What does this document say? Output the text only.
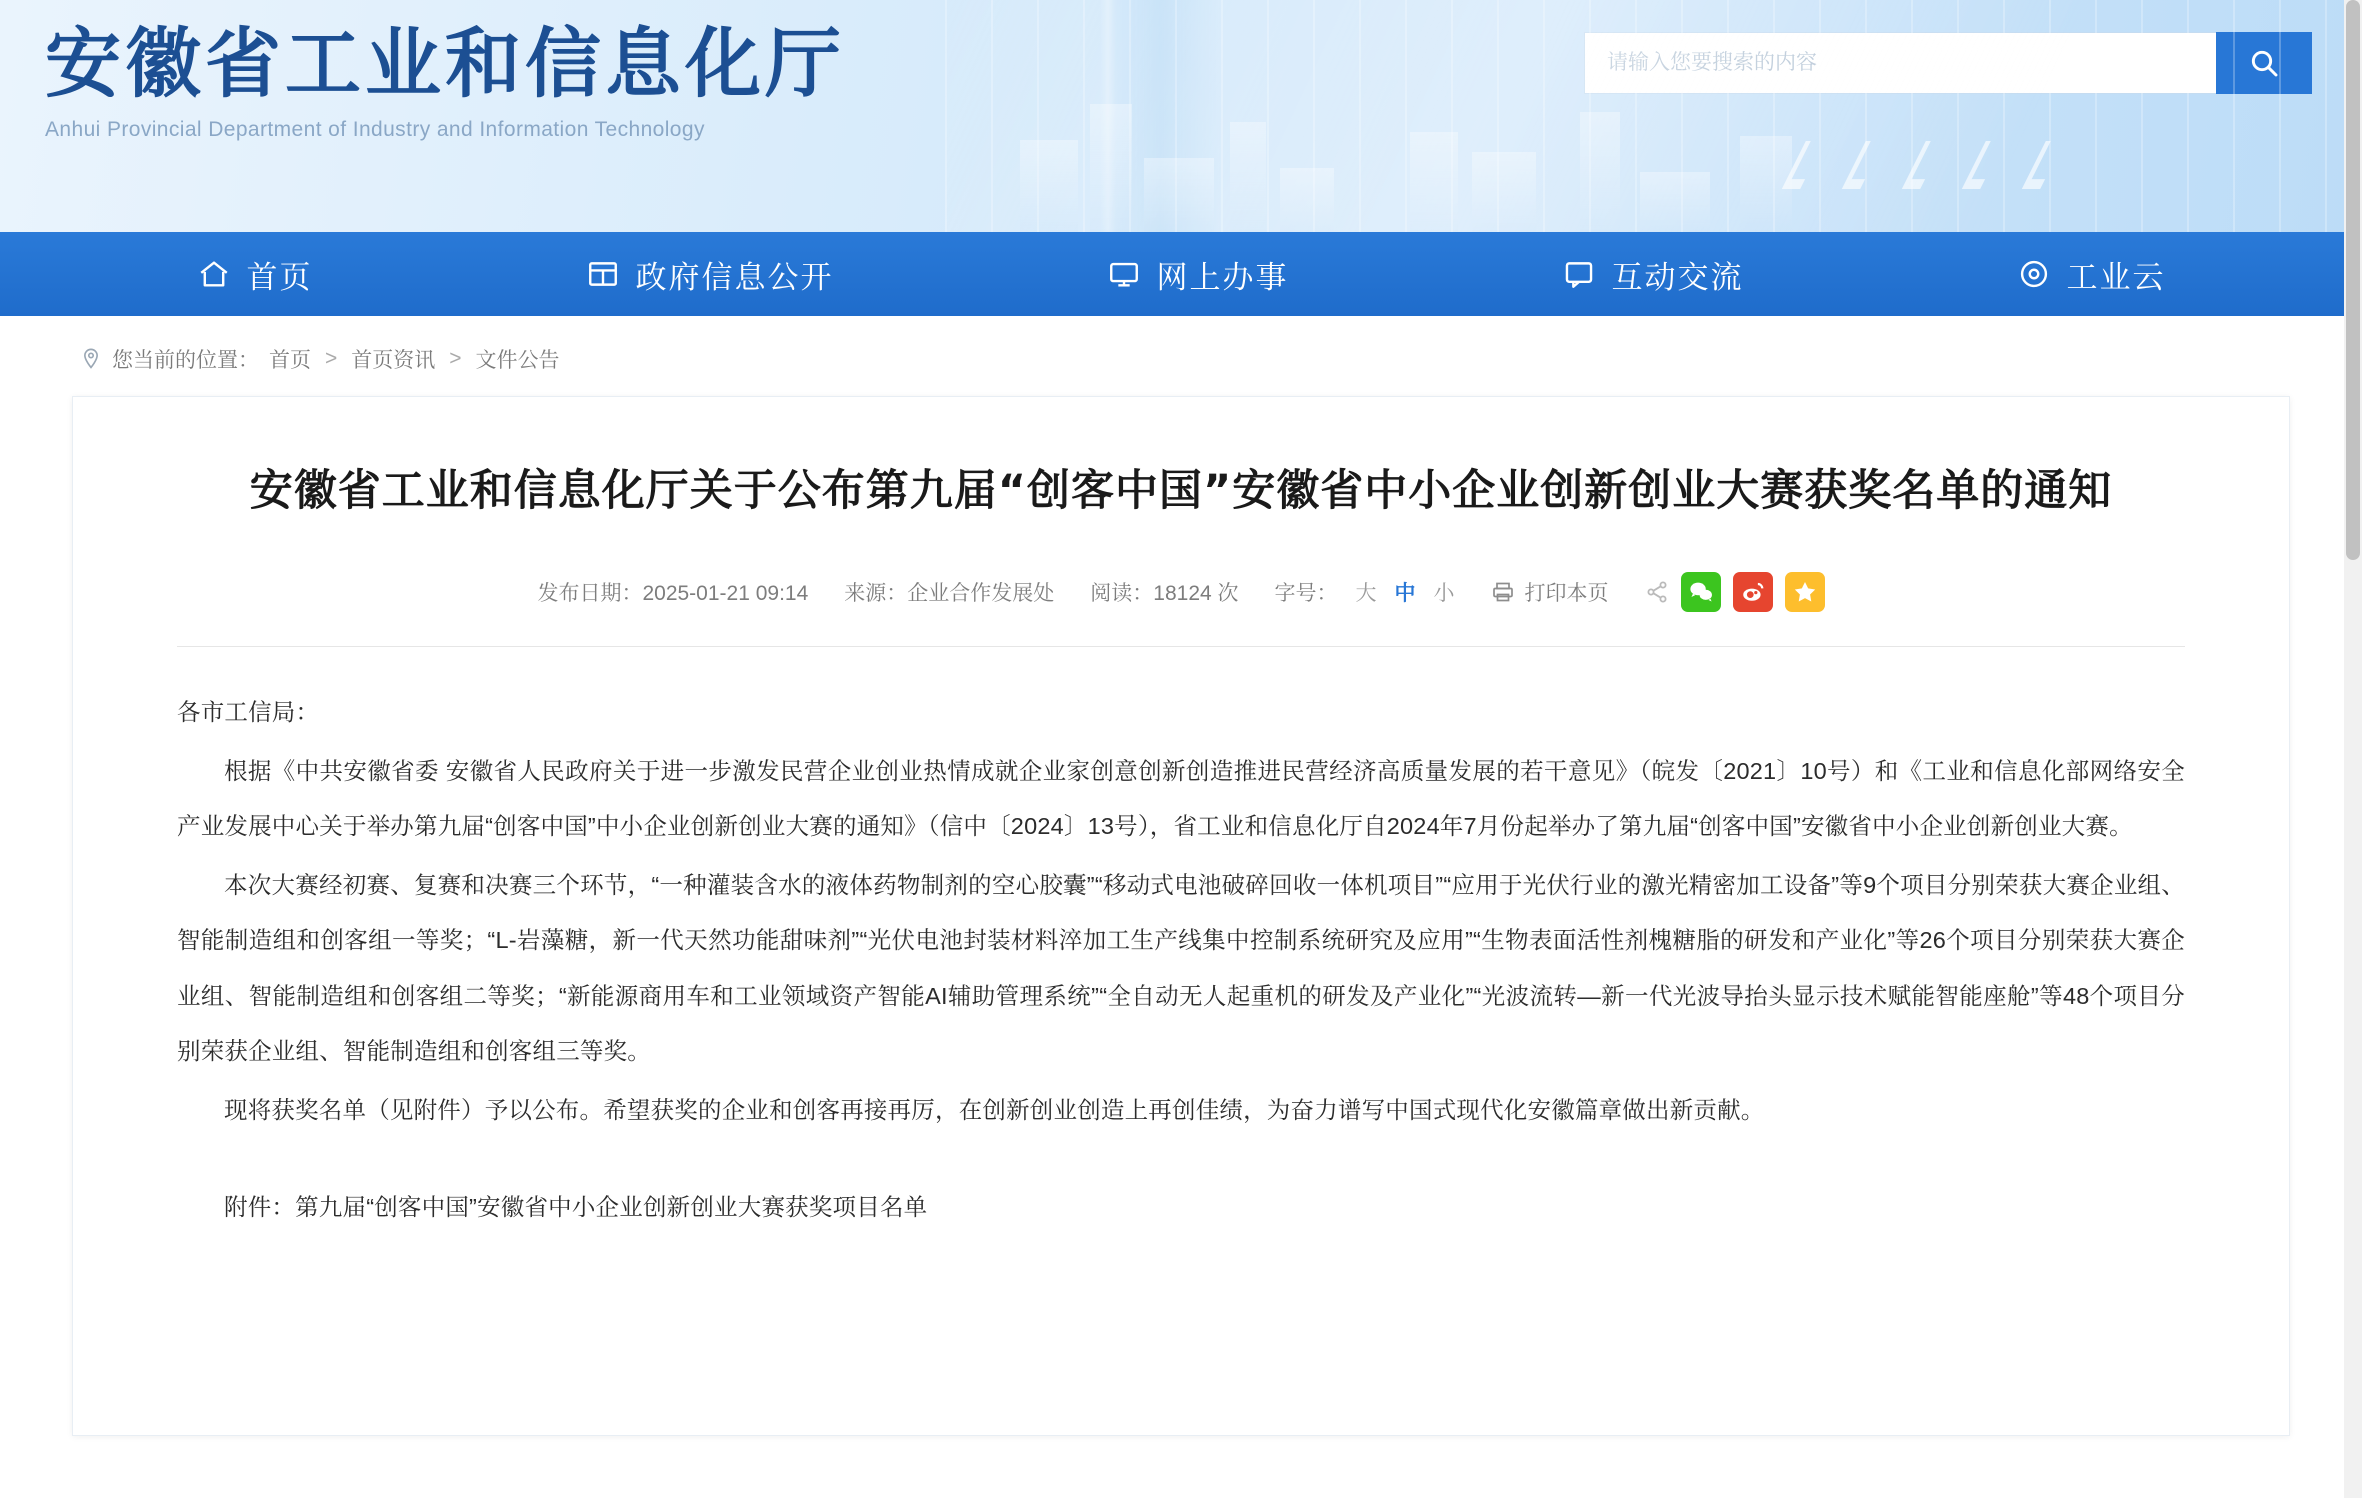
安徽省工业和信息化厅
Anhui Provincial Department of Industry and Information Technology
请输入您要搜索的内容
首页	政府信息公开	网上办事	互动交流	工业云
您当前的位置： 首页 > 首页资讯 > 文件公告
安徽省工业和信息化厅关于公布第九届“创客中国”安徽省中小企业创新创业大赛获奖名单的通知
发布日期：2025-01-21 09:14 来源：企业合作发展处 阅读：18124 次 字号： 大 中 小	打印本页

各市工信局：

根据《中共安徽省委 安徽省人民政府关于进一步激发民营企业创业热情成就企业家创意创新创造推进民营经济高质量发展的若干意见》（皖发〔2021〕10号）和《工业和信息化部网络安全产业发展中心关于举办第九届“创客中国”中小企业创新创业大赛的通知》（信中〔2024〕13号），省工业和信息化厅自2024年7月份起举办了第九届“创客中国”安徽省中小企业创新创业大赛。

本次大赛经初赛、复赛和决赛三个环节，“一种灌装含水的液体药物制剂的空心胶囊”“移动式电池破碎回收一体机项目”“应用于光伏行业的激光精密加工设备”等9个项目分别荣获大赛企业组、智能制造组和创客组一等奖；“L-岩藻糖，新一代天然功能甜味剂”“光伏电池封装材料淬加工生产线集中控制系统研究及应用”“生物表面活性剂槐糖脂的研发和产业化”等26个项目分别荣获大赛企业组、智能制造组和创客组二等奖；“新能源商用车和工业领域资产智能AI辅助管理系统”“全自动无人起重机的研发及产业化”“光波流转—新一代光波导抬头显示技术赋能智能座舱”等48个项目分别荣获企业组、智能制造组和创客组三等奖。

现将获奖名单（见附件）予以公布。希望获奖的企业和创客再接再厉，在创新创业创造上再创佳绩，为奋力谱写中国式现代化安徽篇章做出新贡献。

附件：第九届“创客中国”安徽省中小企业创新创业大赛获奖项目名单
